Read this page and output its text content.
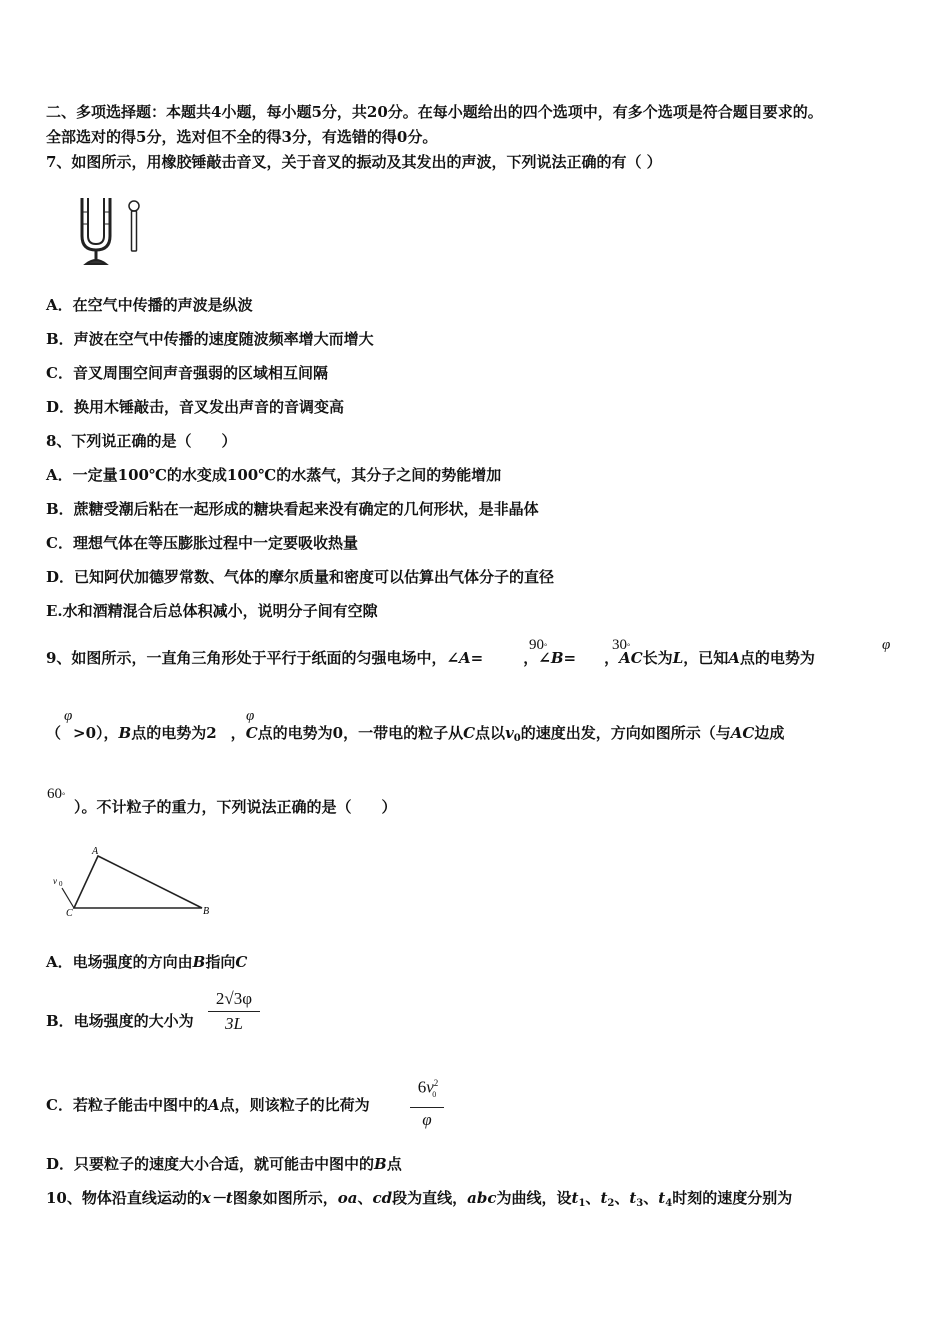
二、多项选择题：本题共4小题，每小题5分，共20分。在每小题给出的四个选项中，有多个选项是符合题目要求的。
全部选对的得5分，选对但不全的得3分，有选错的得0分。
7、如图所示，用橡胶锤敲击音叉，关于音叉的振动及其发出的声波，下列说法正确的有（ ）
A．在空气中传播的声波是纵波
B．声波在空气中传播的速度随波频率增大而增大
C．音叉周围空间声音强弱的区域相互间隔
D．换用木锤敲击，音叉发出声音的音调变高
8、下列说正确的是（　　）
A．一定量100℃的水变成100℃的水蒸气，其分子之间的势能增加
B．蔗糖受潮后粘在一起形成的糖块看起来没有确定的几何形状，是非晶体
C．理想气体在等压膨胀过程中一定要吸收热量
D．已知阿伏加德罗常数、气体的摩尔质量和密度可以估算出气体分子的直径
E.水和酒精混合后总体积减小，说明分子间有空隙
9、如图所示，一直角三角形处于平行于纸面的匀强电场中，∠A=	，∠B= ，AC长为L，已知A点的电势为
90°	30°	φ
（ >0），B点的电势为2 ，C点的电势为0，一带电的粒子从C点以$v_0$的速度出发，方向如图所示（与AC边成
φ	φ
60°
）。不计粒子的重力，下列说法正确的是（　　）
A
B
C
v 0
A．电场强度的方向由B指向C
B．电场强度的大小为
2√3φ
3L
C．若粒子能击中图中的A点，则该粒子的比荷为
$6v^2_0$
φ
D．只要粒子的速度大小合适，就可能击中图中的B点
10、物体沿直线运动的x－t图象如图所示，oa、cd段为直线，abc为曲线，设$t_1$、$t_2$、$t_3$、$t_4$时刻的速度分别为
